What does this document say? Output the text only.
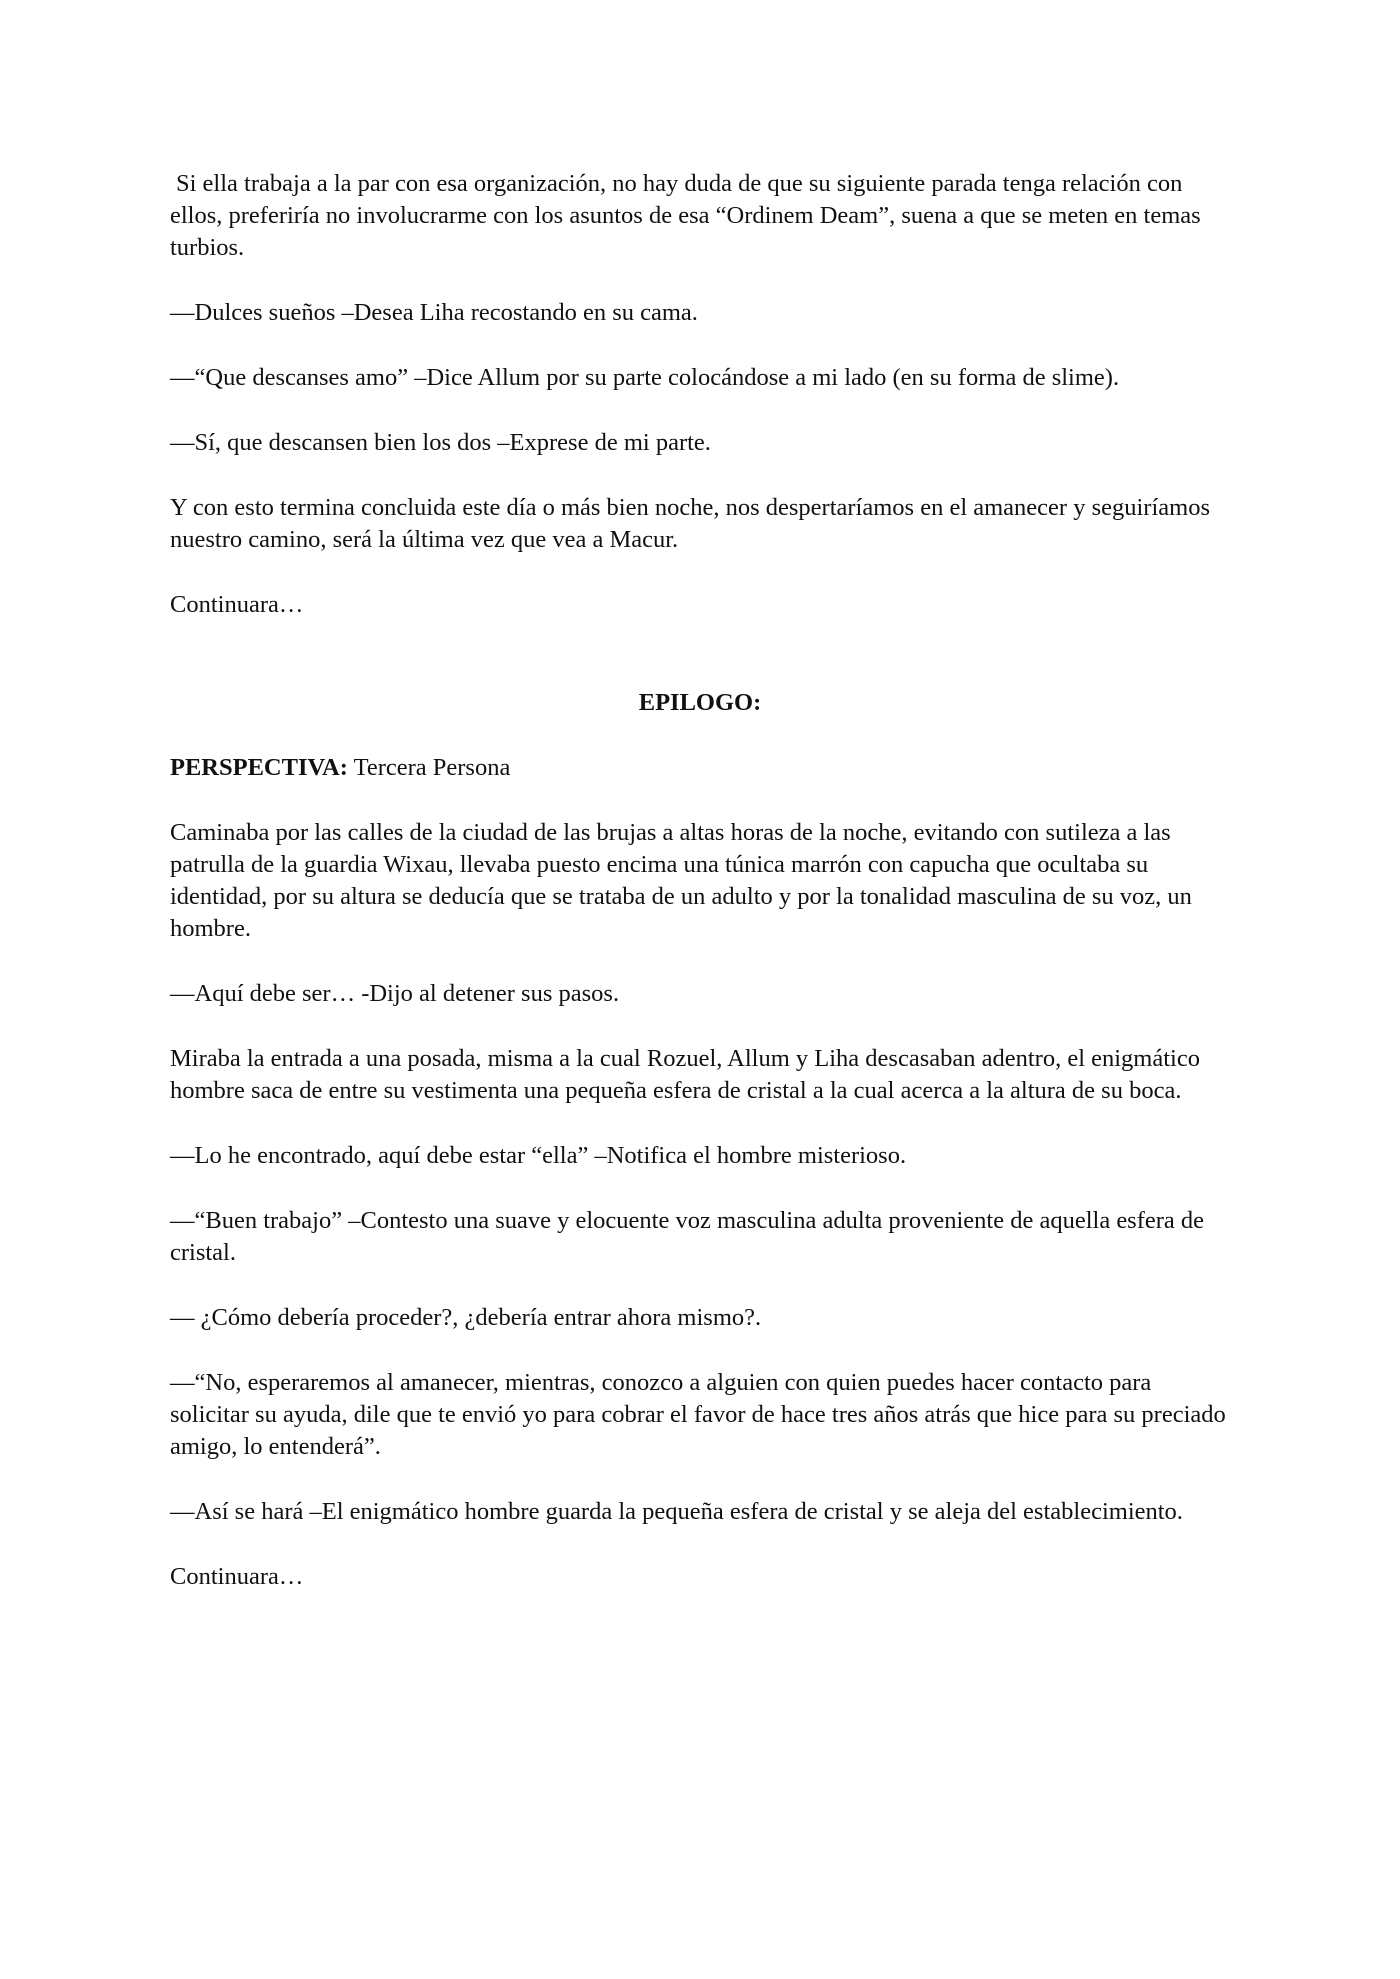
Si ella trabaja a la par con esa organización, no hay duda de que su siguiente parada tenga relación con ellos, preferiría no involucrarme con los asuntos de esa “Ordinem Deam”, suena a que se meten en temas turbios.

—Dulces sueños –Desea Liha recostando en su cama.

—“Que descanses amo” –Dice Allum por su parte colocándose a mi lado (en su forma de slime).

—Sí, que descansen bien los dos –Exprese de mi parte.

Y con esto termina concluida este día o más bien noche, nos despertaríamos en el amanecer y seguiríamos nuestro camino, será la última vez que vea a Macur.

Continuara…

EPILOGO:

PERSPECTIVA: Tercera Persona

Caminaba por las calles de la ciudad de las brujas a altas horas de la noche, evitando con sutileza a las patrulla de la guardia Wixau, llevaba puesto encima una túnica marrón con capucha que ocultaba su identidad, por su altura se deducía que se trataba de un adulto y por la tonalidad masculina de su voz, un hombre.

—Aquí debe ser… -Dijo al detener sus pasos.

Miraba la entrada a una posada, misma a la cual Rozuel, Allum y Liha descasaban adentro, el enigmático hombre saca de entre su vestimenta una pequeña esfera de cristal a la cual acerca a la altura de su boca.

—Lo he encontrado, aquí debe estar “ella” –Notifica el hombre misterioso.

—“Buen trabajo” –Contesto una suave y elocuente voz masculina adulta proveniente de aquella esfera de cristal.

— ¿Cómo debería proceder?, ¿debería entrar ahora mismo?.

—“No, esperaremos al amanecer, mientras, conozco a alguien con quien puedes hacer contacto para solicitar su ayuda, dile que te envió yo para cobrar el favor de hace tres años atrás que hice para su preciado amigo, lo entenderá”.

—Así se hará –El enigmático hombre guarda la pequeña esfera de cristal y se aleja del establecimiento.

Continuara…
